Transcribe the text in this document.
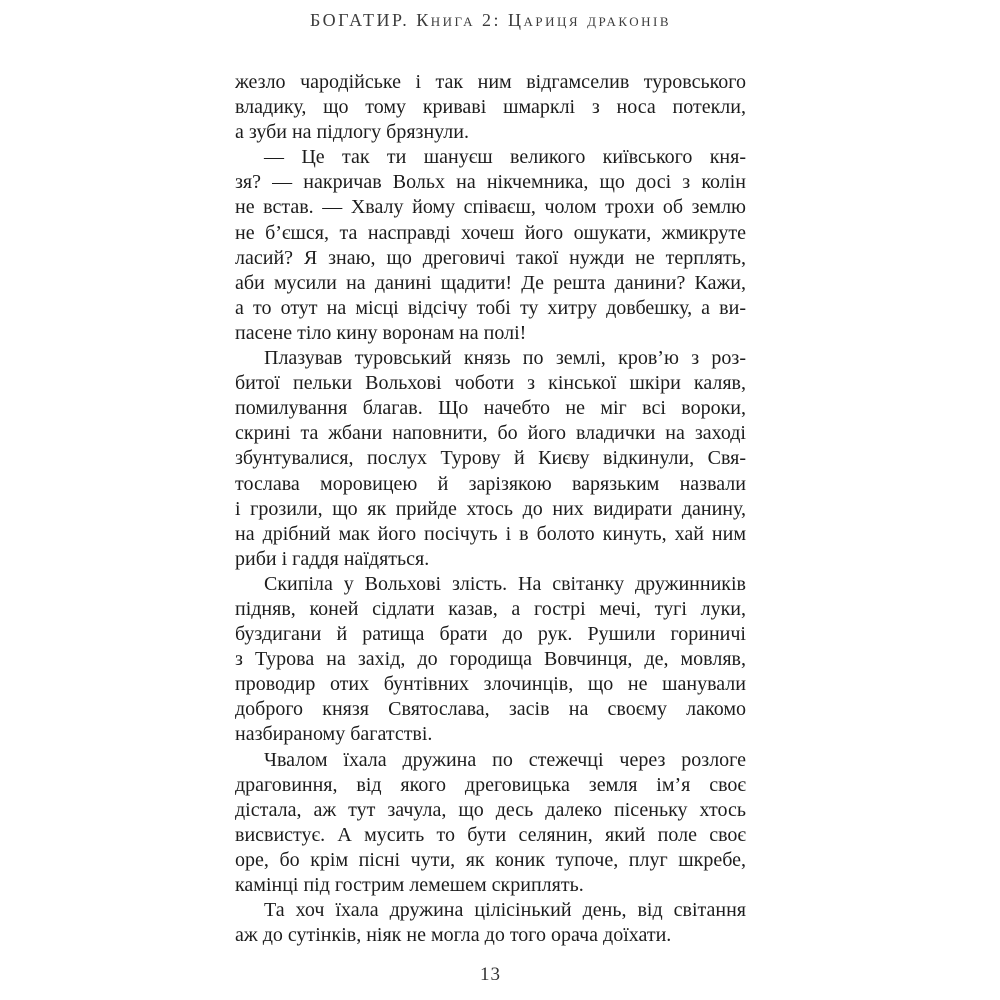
БОГАТИР. Книга 2: Цариця драконів
жезло чародійське і так ним відгамселив туровського
владику, що тому криваві шмарклі з носа потекли,
а зуби на підлогу брязнули.
— Це так ти шануєш великого київського кня-
зя? — накричав Вольх на нікчемника, що досі з колін
не встав. — Хвалу йому співаєш, чолом трохи об землю
не б’єшся, та насправді хочеш його ошукати, жмикруте
ласий? Я знаю, що дреговичі такої нужди не терплять,
аби мусили на данині щадити! Де решта данини? Кажи,
а то отут на місці відсічу тобі ту хитру довбешку, а ви-
пасене тіло кину воронам на полі!
Плазував туровський князь по землі, кров’ю з роз-
битої пельки Вольхові чоботи з кінської шкіри каляв,
помилування благав. Що начебто не міг всі вороки,
скрині та жбани наповнити, бо його владички на заході
збунтувалися, послух Турову й Києву відкинули, Свя-
тослава моровицею й зарізякою варязьким назвали
і грозили, що як прийде хтось до них видирати данину,
на дрібний мак його посічуть і в болото кинуть, хай ним
риби і гаддя наїдяться.
Скипіла у Вольхові злість. На світанку дружинників
підняв, коней сідлати казав, а гострі мечі, тугі луки,
буздигани й ратища брати до рук. Рушили гориничі
з Турова на захід, до городища Вовчинця, де, мовляв,
проводир отих бунтівних злочинців, що не шанували
доброго князя Святослава, засів на своєму лакомо
назбираному багатстві.
Чвалом їхала дружина по стежечці через розлоге
драговиння, від якого дреговицька земля ім’я своє
дістала, аж тут зачула, що десь далеко пісеньку хтось
висвистує. А мусить то бути селянин, який поле своє
оре, бо крім пісні чути, як коник тупоче, плуг шкребе,
камінці під гострим лемешем скриплять.
Та хоч їхала дружина цілісінький день, від світання
аж до сутінків, ніяк не могла до того орача доїхати.
13
